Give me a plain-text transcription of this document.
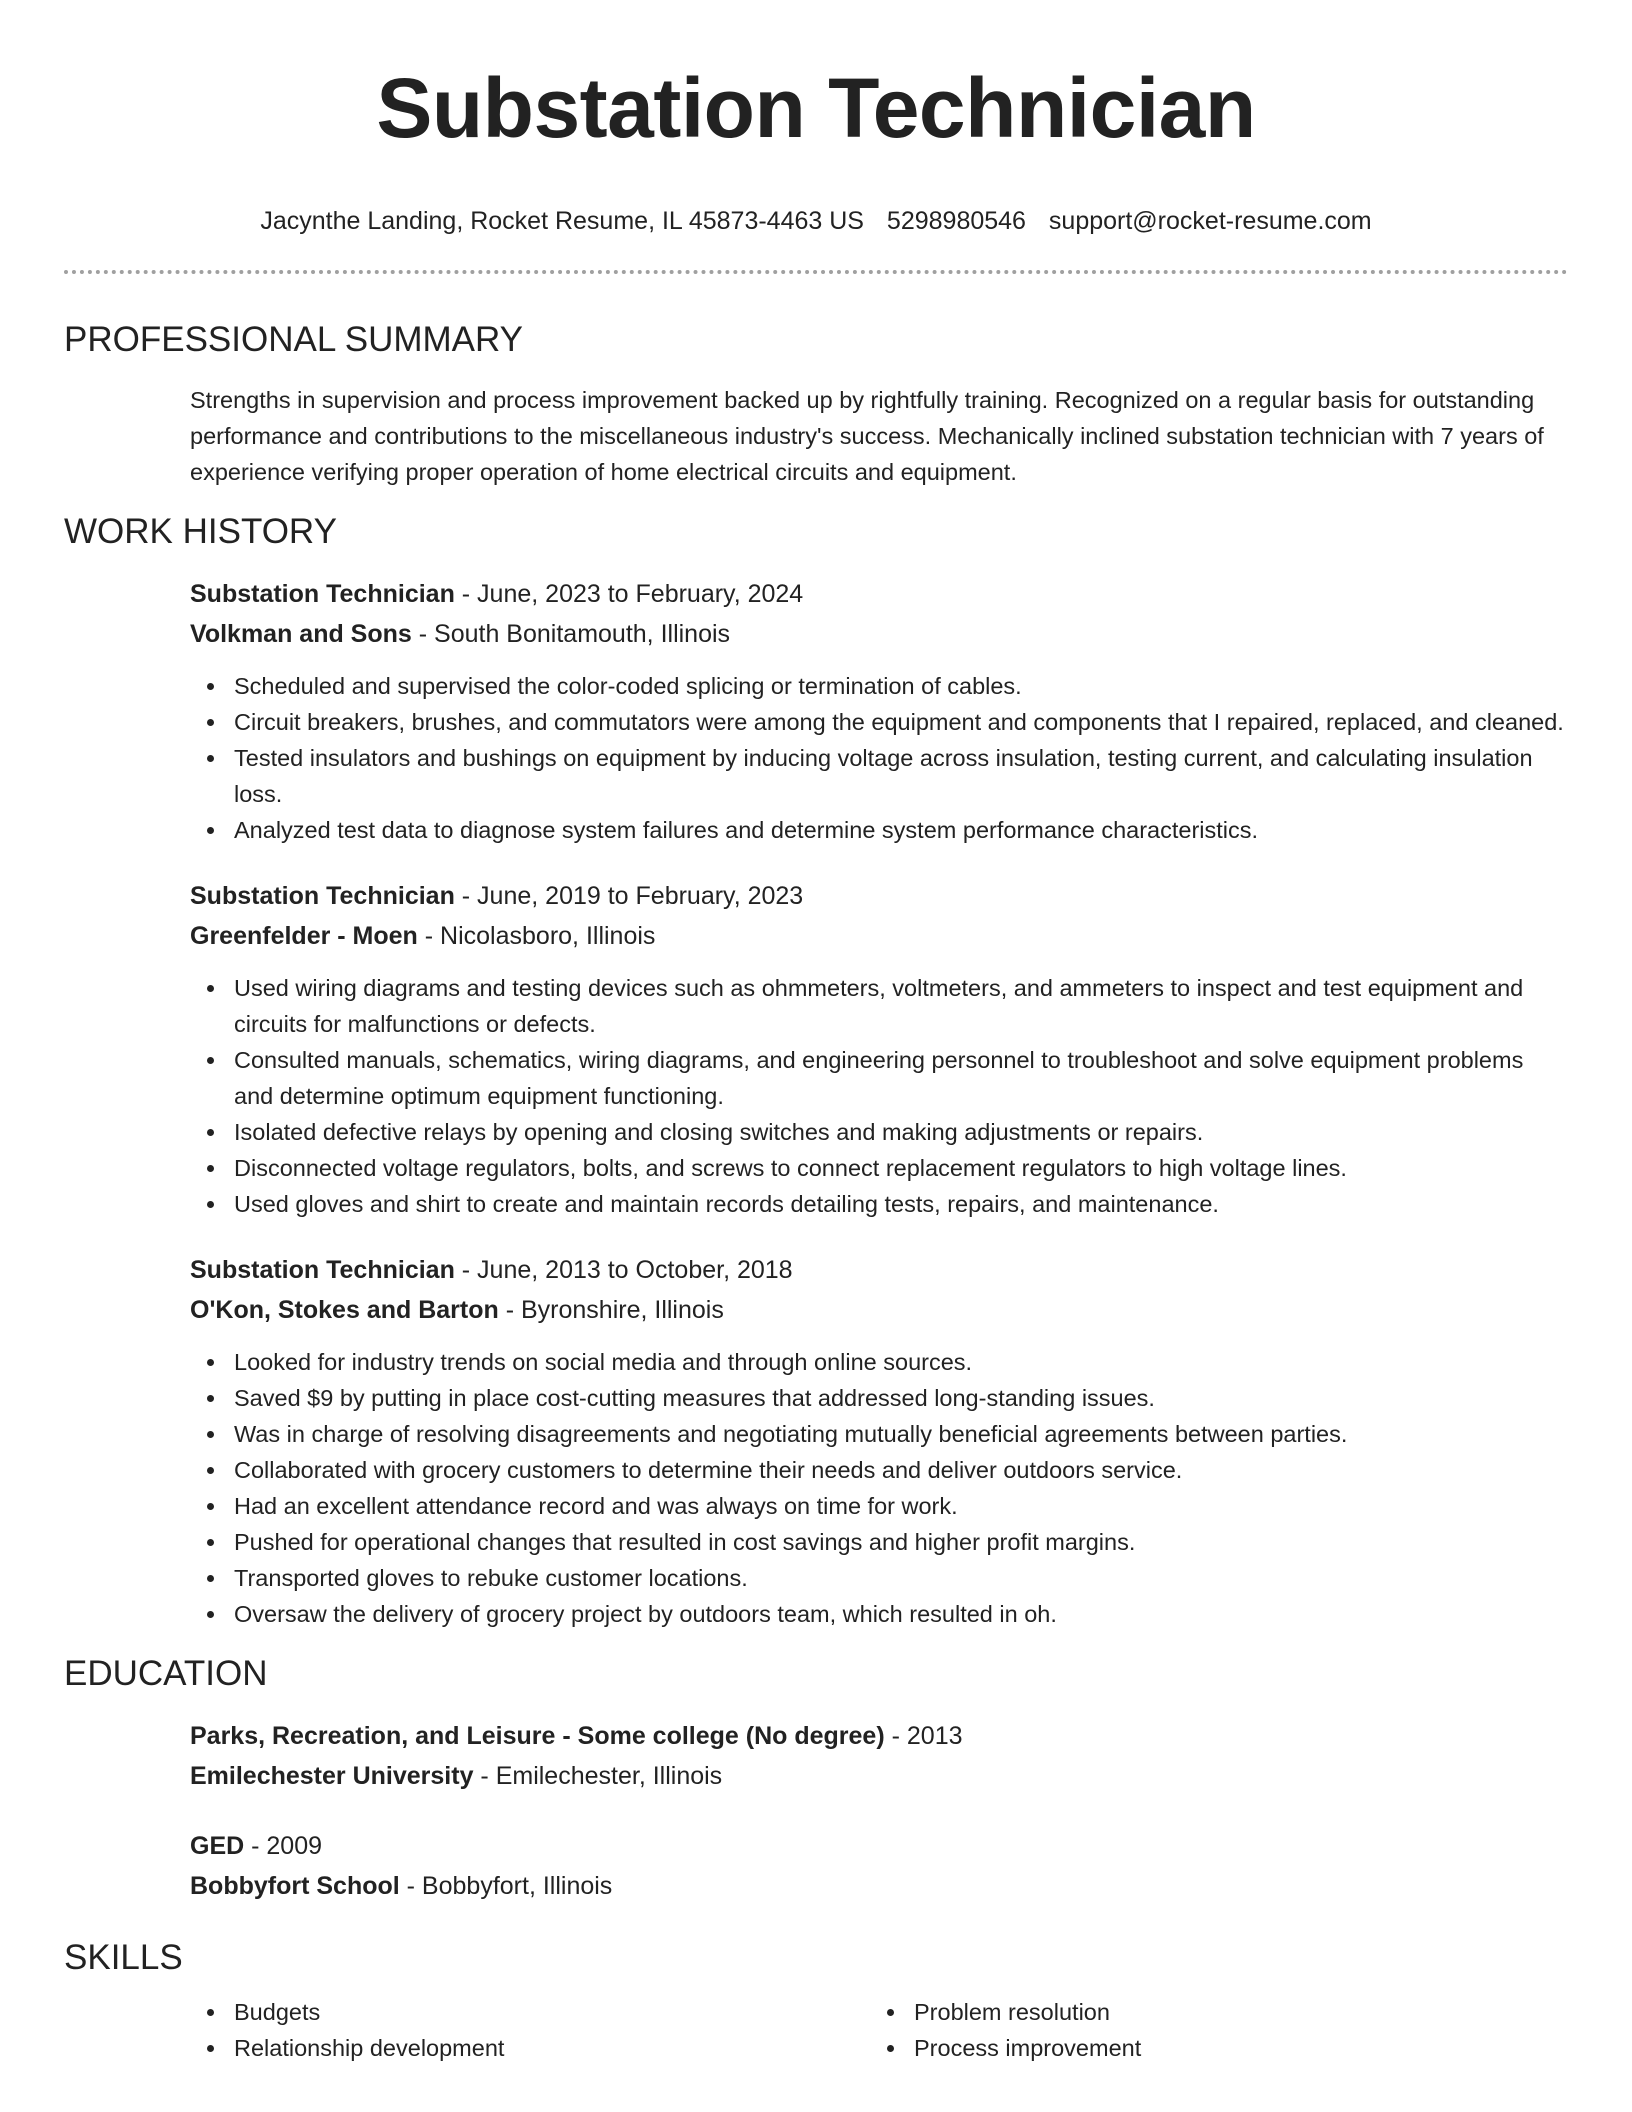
Substation Technician
Jacynthe Landing, Rocket Resume, IL 45873-4463 US 5298980546 support@rocket-resume.com
PROFESSIONAL SUMMARY

Strengths in supervision and process improvement backed up by rightfully training. Recognized on a regular basis for outstanding performance and contributions to the miscellaneous industry's success. Mechanically inclined substation technician with 7 years of experience verifying proper operation of home electrical circuits and equipment.

WORK HISTORY
Substation Technician - June, 2023 to February, 2024
Volkman and Sons - South Bonitamouth, Illinois
Scheduled and supervised the color-coded splicing or termination of cables.
Circuit breakers, brushes, and commutators were among the equipment and components that I repaired, replaced, and cleaned.
Tested insulators and bushings on equipment by inducing voltage across insulation, testing current, and calculating insulation loss.
Analyzed test data to diagnose system failures and determine system performance characteristics.
Substation Technician - June, 2019 to February, 2023
Greenfelder - Moen - Nicolasboro, Illinois
Used wiring diagrams and testing devices such as ohmmeters, voltmeters, and ammeters to inspect and test equipment and circuits for malfunctions or defects.
Consulted manuals, schematics, wiring diagrams, and engineering personnel to troubleshoot and solve equipment problems and determine optimum equipment functioning.
Isolated defective relays by opening and closing switches and making adjustments or repairs.
Disconnected voltage regulators, bolts, and screws to connect replacement regulators to high voltage lines.
Used gloves and shirt to create and maintain records detailing tests, repairs, and maintenance.
Substation Technician - June, 2013 to October, 2018
O'Kon, Stokes and Barton - Byronshire, Illinois
Looked for industry trends on social media and through online sources.
Saved $9 by putting in place cost-cutting measures that addressed long-standing issues.
Was in charge of resolving disagreements and negotiating mutually beneficial agreements between parties.
Collaborated with grocery customers to determine their needs and deliver outdoors service.
Had an excellent attendance record and was always on time for work.
Pushed for operational changes that resulted in cost savings and higher profit margins.
Transported gloves to rebuke customer locations.
Oversaw the delivery of grocery project by outdoors team, which resulted in oh.
EDUCATION
Parks, Recreation, and Leisure - Some college (No degree) - 2013
Emilechester University - Emilechester, Illinois
GED - 2009
Bobbyfort School - Bobbyfort, Illinois
SKILLS
Budgets
Relationship development
Problem resolution
Process improvement
